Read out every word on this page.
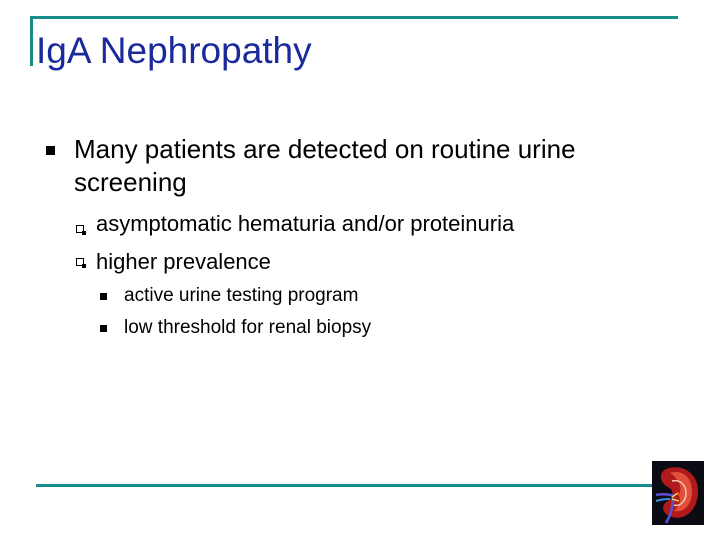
IgA Nephropathy
Many patients are detected on routine urine screening
asymptomatic hematuria and/or proteinuria
higher prevalence
active urine testing program
low threshold for renal biopsy
